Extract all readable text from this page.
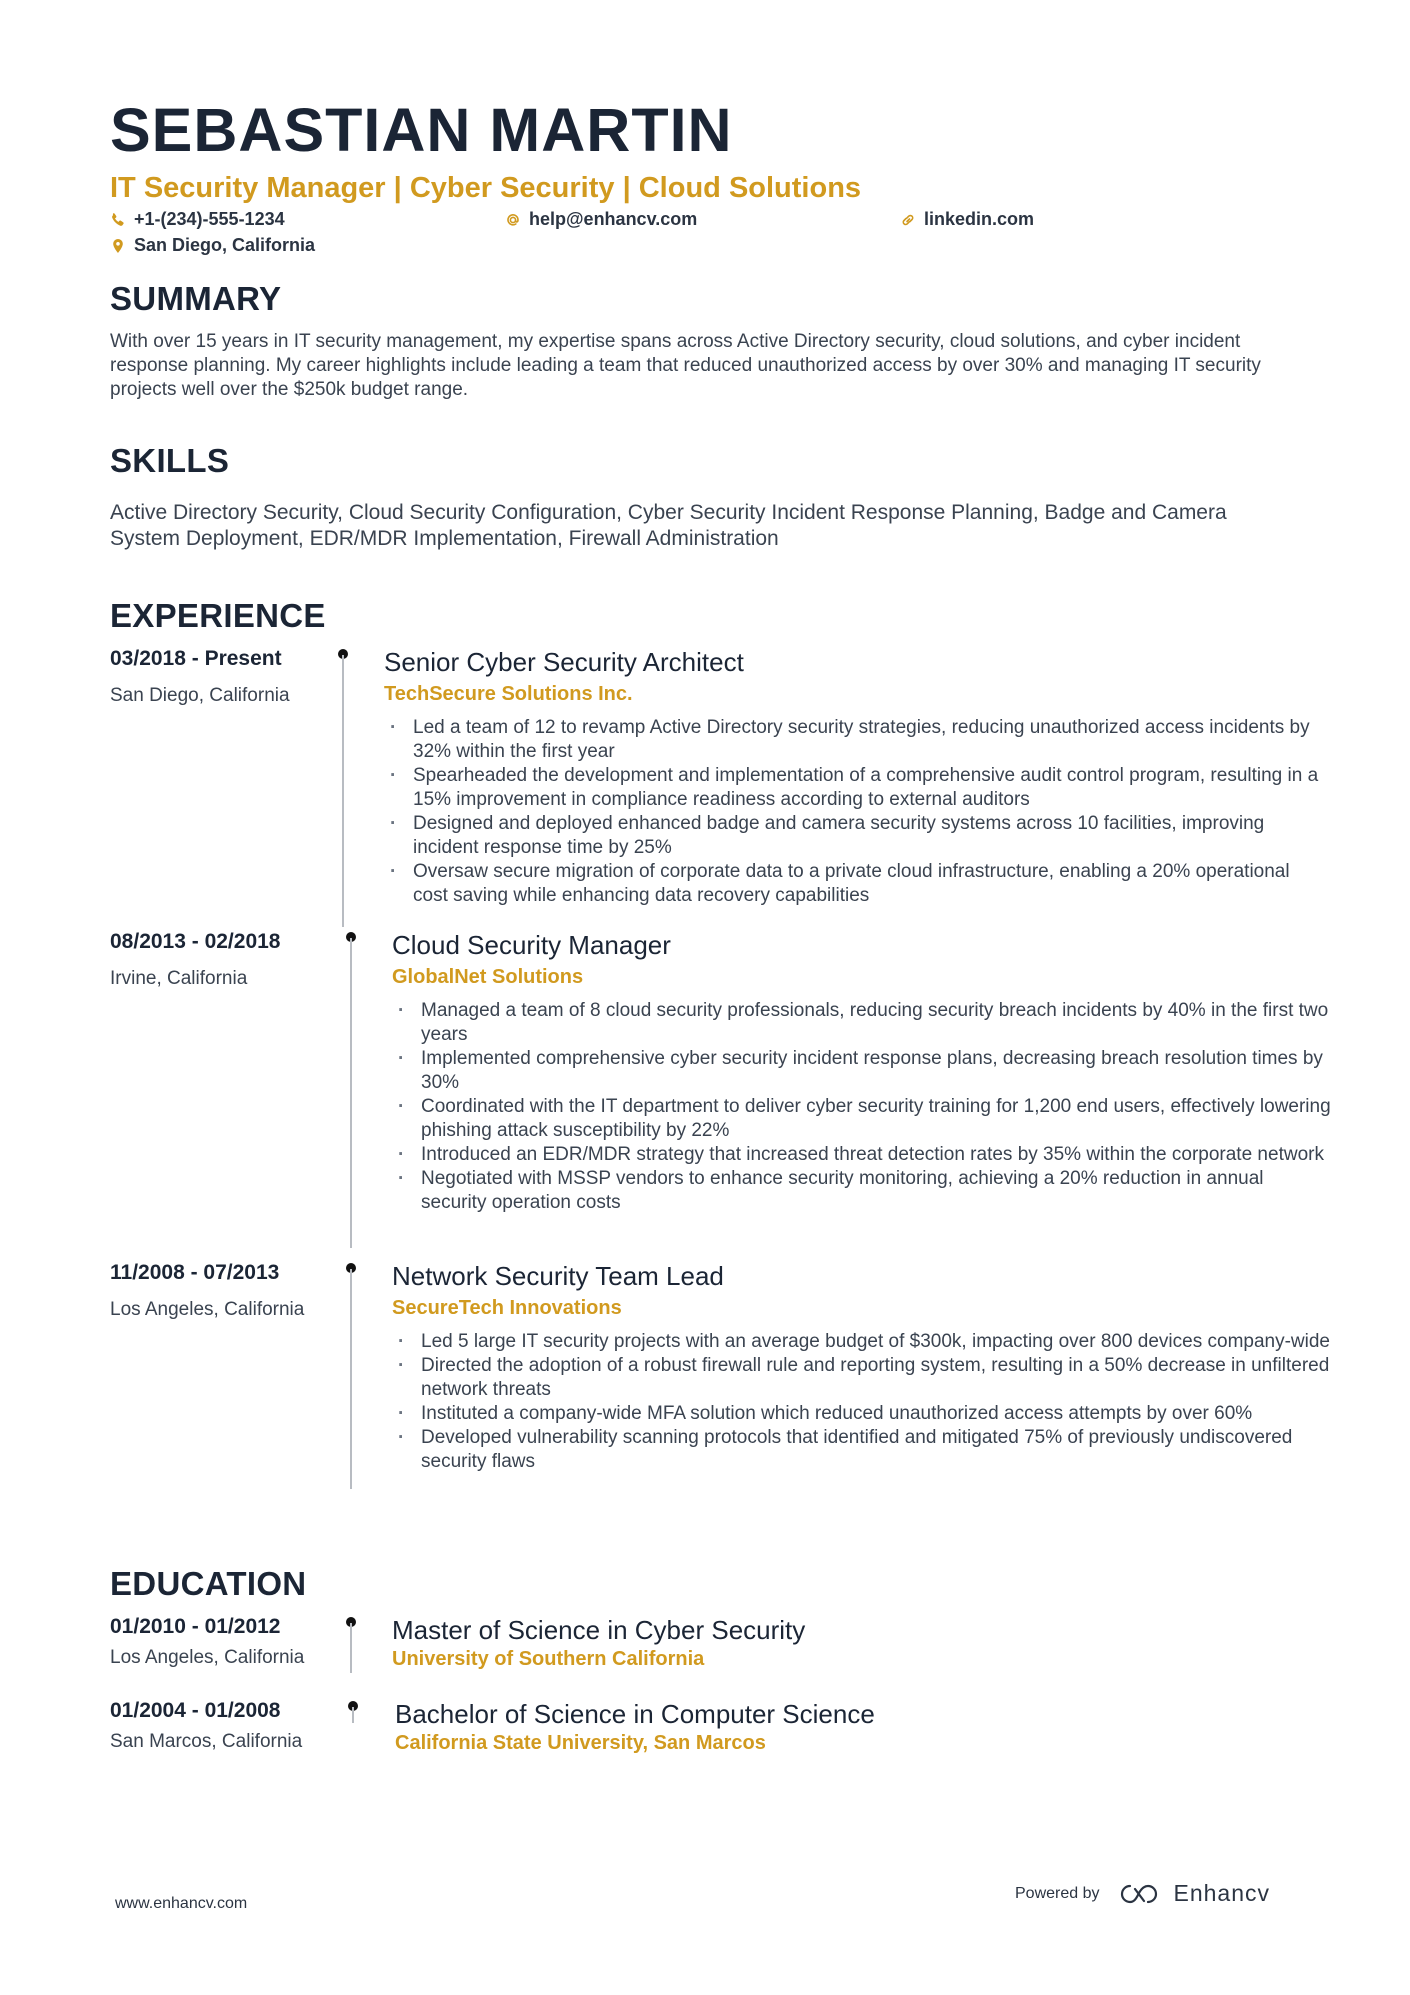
SEBASTIAN MARTIN
IT Security Manager | Cyber Security | Cloud Solutions
+1-(234)-555-1234	help@enhancv.com	linkedin.com
San Diego, California
SUMMARY
With over 15 years in IT security management, my expertise spans across Active Directory security, cloud solutions, and cyber incident response planning. My career highlights include leading a team that reduced unauthorized access by over 30% and managing IT security projects well over the $250k budget range.
SKILLS
Active Directory Security, Cloud Security Configuration, Cyber Security Incident Response Planning, Badge and Camera System Deployment, EDR/MDR Implementation, Firewall Administration
EXPERIENCE
03/2018 - Present
San Diego, California
Senior Cyber Security Architect
TechSecure Solutions Inc.
· Led a team of 12 to revamp Active Directory security strategies, reducing unauthorized access incidents by 32% within the first year
· Spearheaded the development and implementation of a comprehensive audit control program, resulting in a 15% improvement in compliance readiness according to external auditors
· Designed and deployed enhanced badge and camera security systems across 10 facilities, improving incident response time by 25%
· Oversaw secure migration of corporate data to a private cloud infrastructure, enabling a 20% operational cost saving while enhancing data recovery capabilities
08/2013 - 02/2018
Irvine, California
Cloud Security Manager
GlobalNet Solutions
· Managed a team of 8 cloud security professionals, reducing security breach incidents by 40% in the first two years
· Implemented comprehensive cyber security incident response plans, decreasing breach resolution times by 30%
· Coordinated with the IT department to deliver cyber security training for 1,200 end users, effectively lowering phishing attack susceptibility by 22%
· Introduced an EDR/MDR strategy that increased threat detection rates by 35% within the corporate network
· Negotiated with MSSP vendors to enhance security monitoring, achieving a 20% reduction in annual security operation costs
11/2008 - 07/2013
Los Angeles, California
Network Security Team Lead
SecureTech Innovations
· Led 5 large IT security projects with an average budget of $300k, impacting over 800 devices company-wide
· Directed the adoption of a robust firewall rule and reporting system, resulting in a 50% decrease in unfiltered network threats
· Instituted a company-wide MFA solution which reduced unauthorized access attempts by over 60%
· Developed vulnerability scanning protocols that identified and mitigated 75% of previously undiscovered security flaws
EDUCATION
01/2010 - 01/2012
Los Angeles, California
Master of Science in Cyber Security
University of Southern California
01/2004 - 01/2008
San Marcos, California
Bachelor of Science in Computer Science
California State University, San Marcos
www.enhancv.com
Powered by	Enhancv
